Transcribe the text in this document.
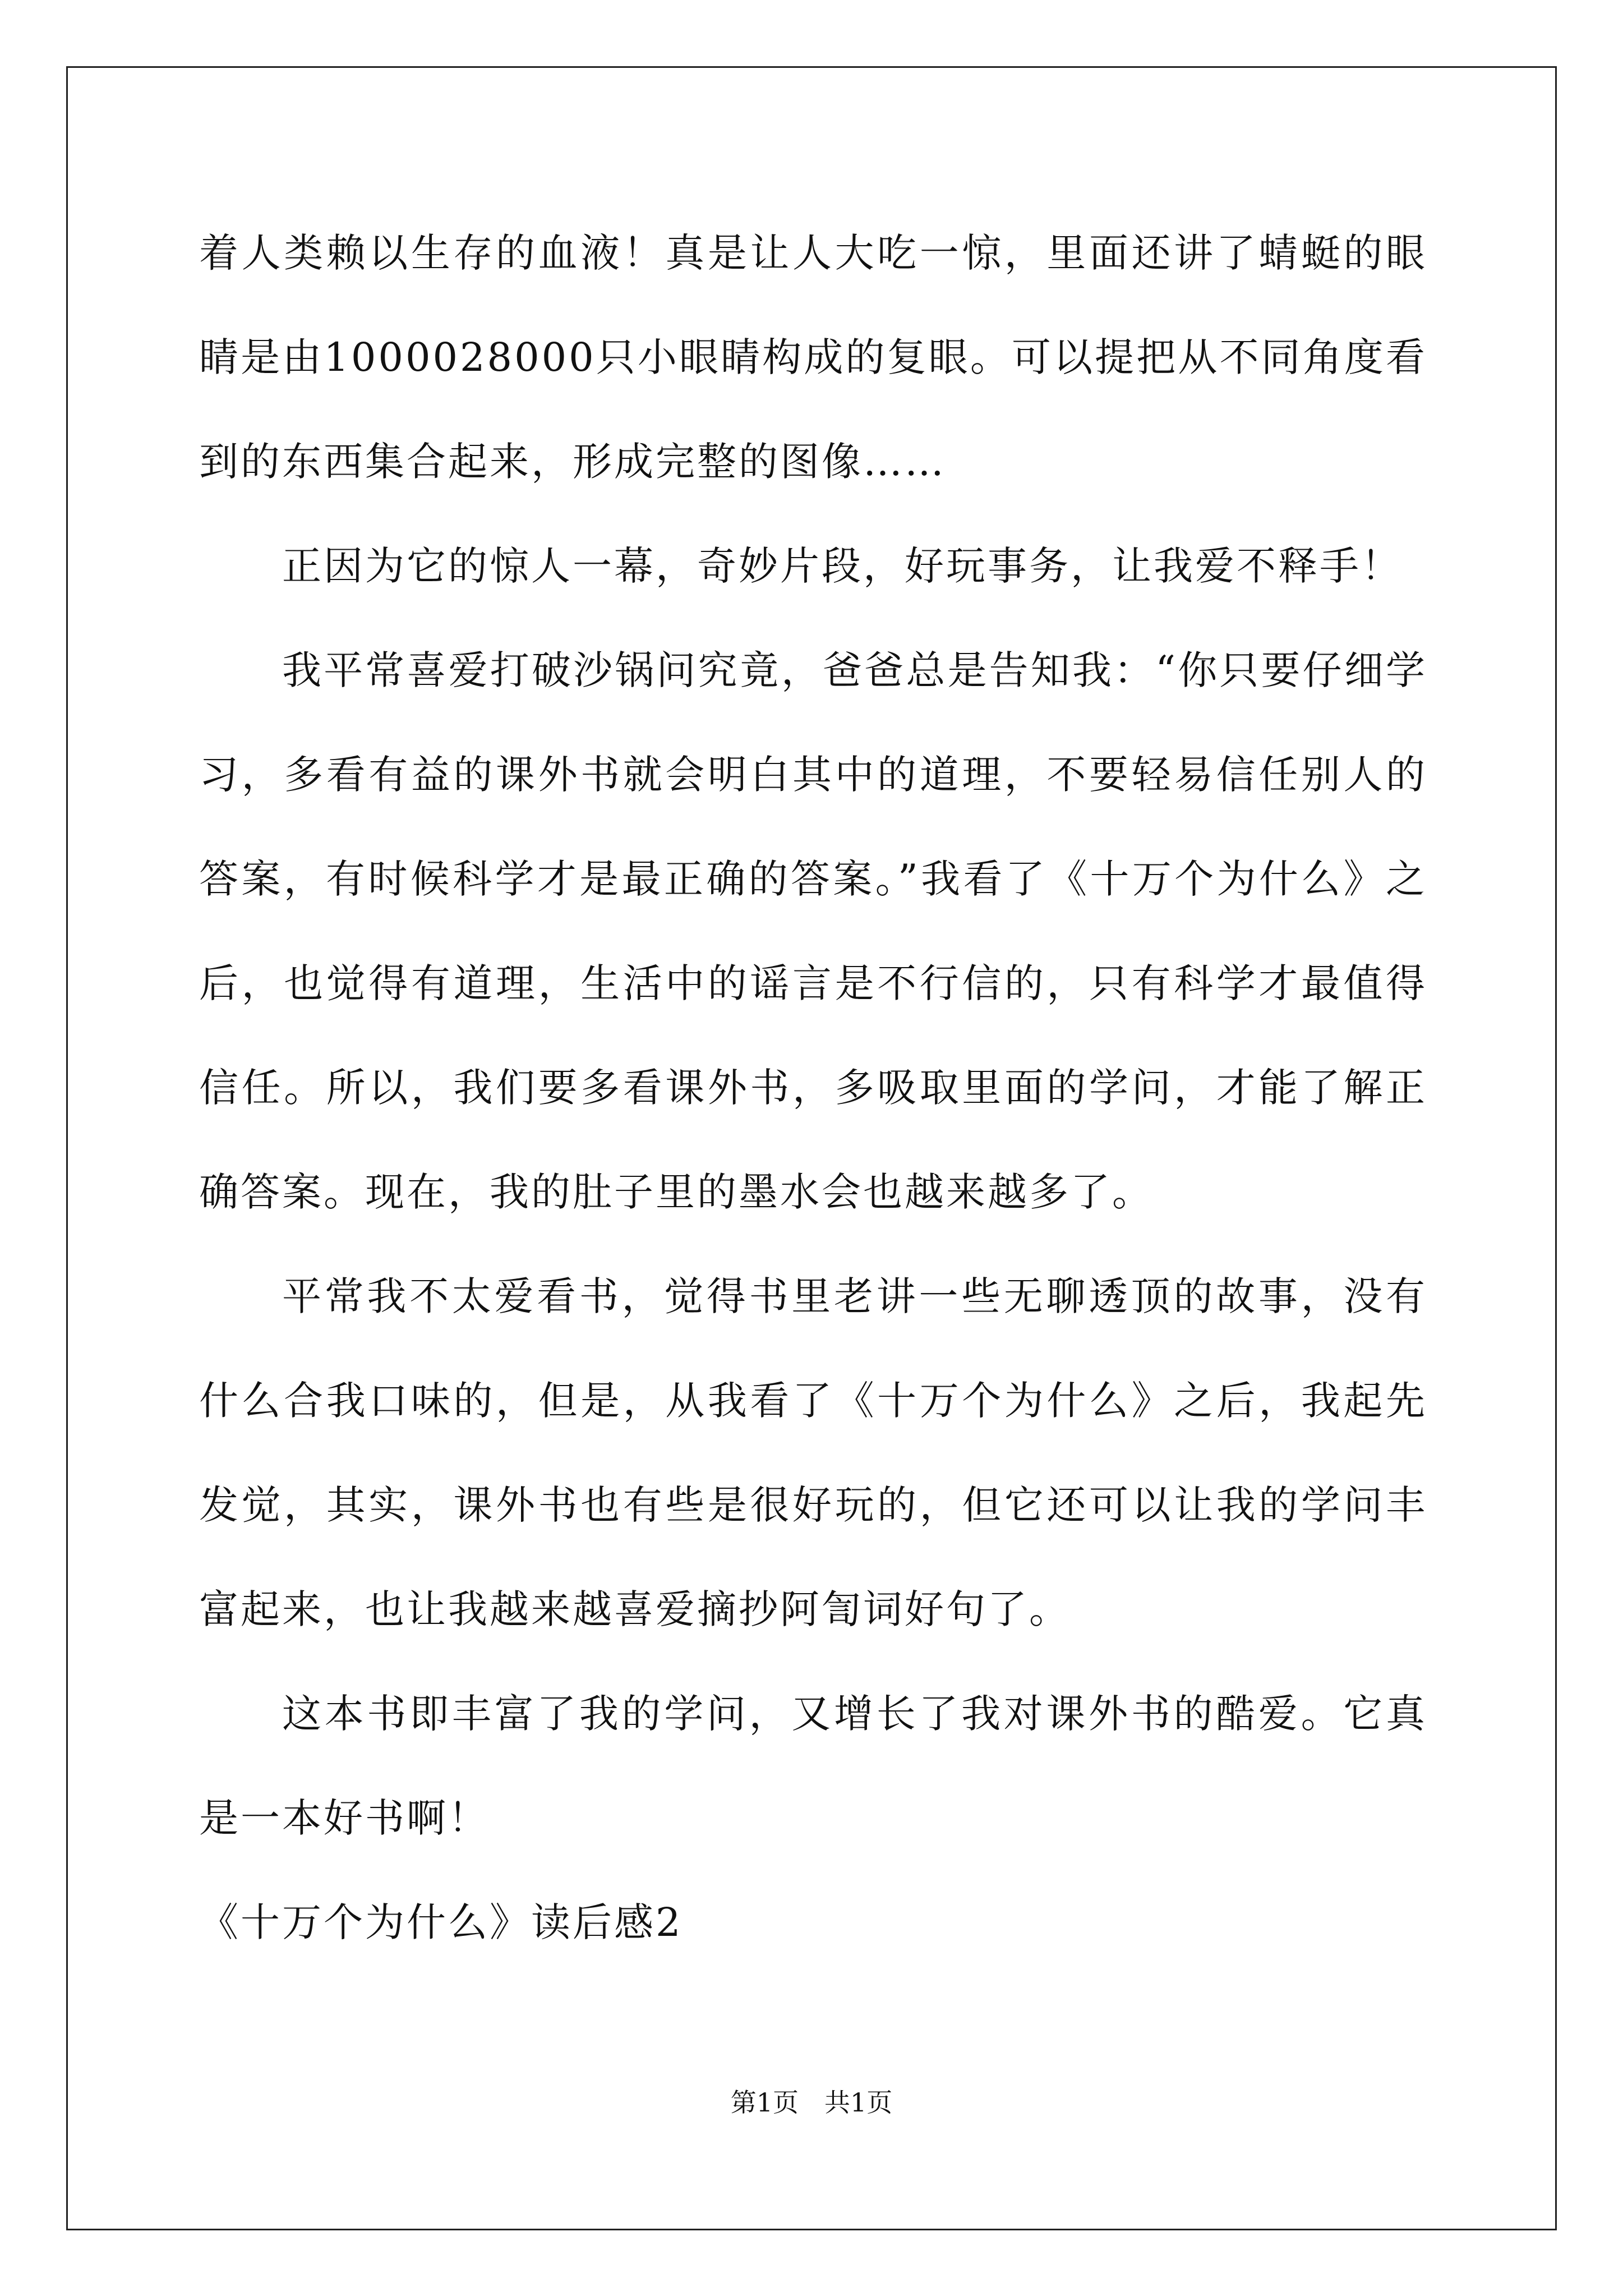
着人类赖以生存的血液！真是让人大吃一惊，里面还讲了蜻蜓的眼睛是由1000028000只小眼睛构成的复眼。可以提把从不同角度看到的东西集合起来，形成完整的图像……

正因为它的惊人一幕，奇妙片段，好玩事务，让我爱不释手！

我平常喜爱打破沙锅问究竟，爸爸总是告知我：“你只要仔细学习，多看有益的课外书就会明白其中的道理，不要轻易信任别人的答案，有时候科学才是最正确的答案。”我看了《十万个为什么》之后，也觉得有道理，生活中的谣言是不行信的，只有科学才最值得信任。所以，我们要多看课外书，多吸取里面的学问，才能了解正确答案。现在，我的肚子里的墨水会也越来越多了。

平常我不太爱看书，觉得书里老讲一些无聊透顶的故事，没有什么合我口味的，但是，从我看了《十万个为什么》之后，我起先发觉，其实，课外书也有些是很好玩的，但它还可以让我的学问丰富起来，也让我越来越喜爱摘抄阿訇词好句了。

这本书即丰富了我的学问，又增长了我对课外书的酷爱。它真是一本好书啊！

《十万个为什么》读后感2

第1页　共1页
